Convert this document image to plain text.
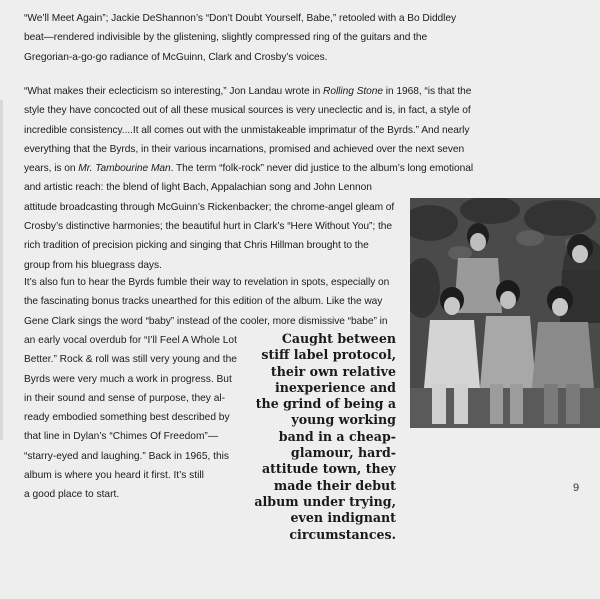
“We’ll Meet Again”; Jackie DeShannon’s “Don’t Doubt Yourself, Babe,” retooled with a Bo Diddley
beat—rendered indivisible by the glistening, slightly compressed ring of the guitars and the
Gregorian-a-go-go radiance of McGuinn, Clark and Crosby’s voices.
“What makes their eclecticism so interesting,” Jon Landau wrote in Rolling Stone in 1968, “is that the
style they have concocted out of all these musical sources is very uneclectic and is, in fact, a style of
incredible consistency....It all comes out with the unmistakeable imprimatur of the Byrds.” And nearly
everything that the Byrds, in their various incarnations, promised and achieved over the next seven
years, is on Mr. Tambourine Man. The term “folk-rock” never did justice to the album’s long emotional
and artistic reach: the blend of light Bach, Appalachian song and John Lennon
attitude broadcasting through McGuinn’s Rickenbacker; the chrome-angel gleam of
Crosby’s distinctive harmonies; the beautiful hurt in Clark’s “Here Without You”; the
rich tradition of precision picking and singing that Chris Hillman brought to the
group from his bluegrass days.
It’s also fun to hear the Byrds fumble their way to revelation in spots, especially on
the fascinating bonus tracks unearthed for this edition of the album. Like the way
Gene Clark sings the word “baby” instead of the cooler, more dismissive “babe” in
an early vocal overdub for “I’ll Feel A Whole Lot
Better.” Rock & roll was still very young and the
Byrds were very much a work in progress. But
in their sound and sense of purpose, they al-
ready embodied something best described by
that line in Dylan’s “Chimes Of Freedom”—
“starry-eyed and laughing.” Back in 1965, this
album is where you heard it first. It’s still
a good place to start.
Caught between
stiff label protocol,
their own relative
inexperience and
the grind of being a
young working
band in a cheap-
glamour, hard-
attitude town, they
made their debut
album under trying,
even indignant
circumstances.
9
